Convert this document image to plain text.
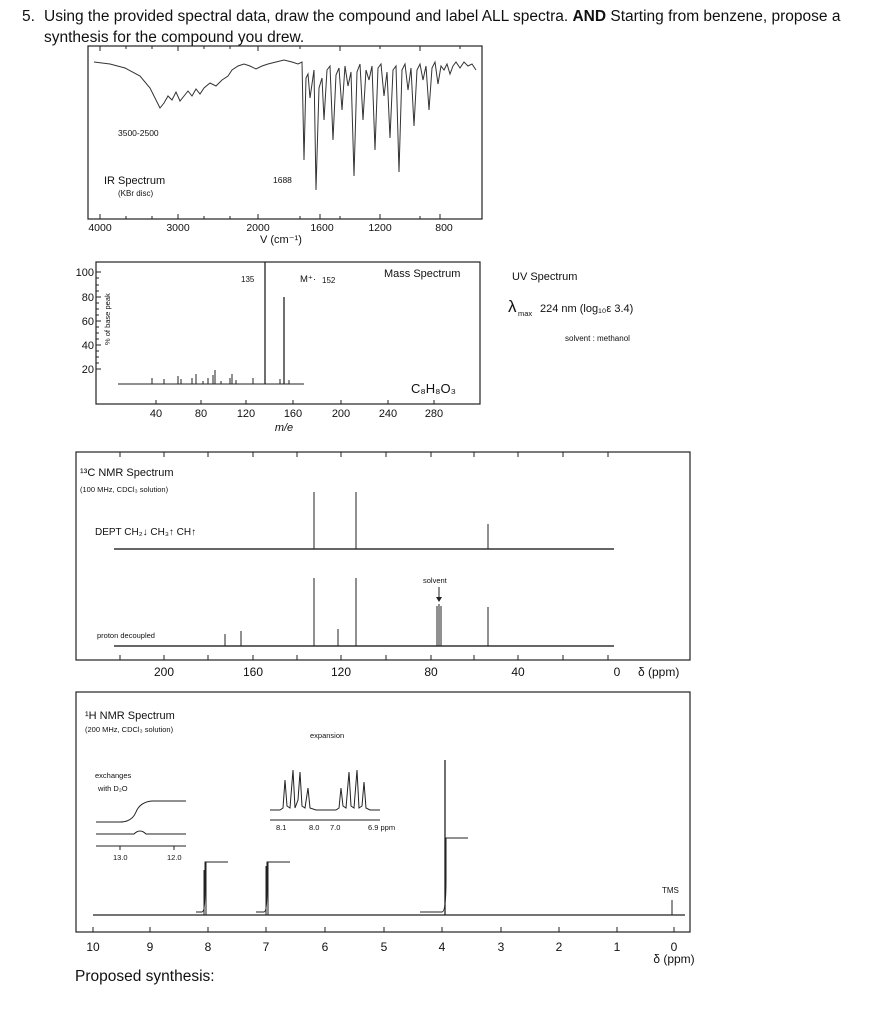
5. Using the provided spectral data, draw the compound and label ALL spectra. AND Starting from benzene, propose a
synthesis for the compound you drew.
3500-2500
IR Spectrum
(KBr disc)
1688
4000	3000	2000	1600	1200	800
V (cm⁻¹)
100
80
60
40
20
% of base peak
135	M⁺· 152
Mass Spectrum
C₈H₈O₃
40	80	120	160	200	240	280
m/e
UV Spectrum
λ max 224 nm (log₁₀ε 3.4)
solvent : methanol
¹³C NMR Spectrum
(100 MHz, CDCl₃ solution)
DEPT CH₂↓ CH₃↑ CH↑
proton decoupled
solvent
200	160	120	80	40	0 δ (ppm)
¹H NMR Spectrum
(200 MHz, CDCl₃ solution)
exchanges
with D₂O
13.0	12.0
expansion
8.1	8.0 7.0	6.9 ppm
TMS
10	9	8	7	6	5	4	3	2	1	0
δ (ppm)
Proposed synthesis:
